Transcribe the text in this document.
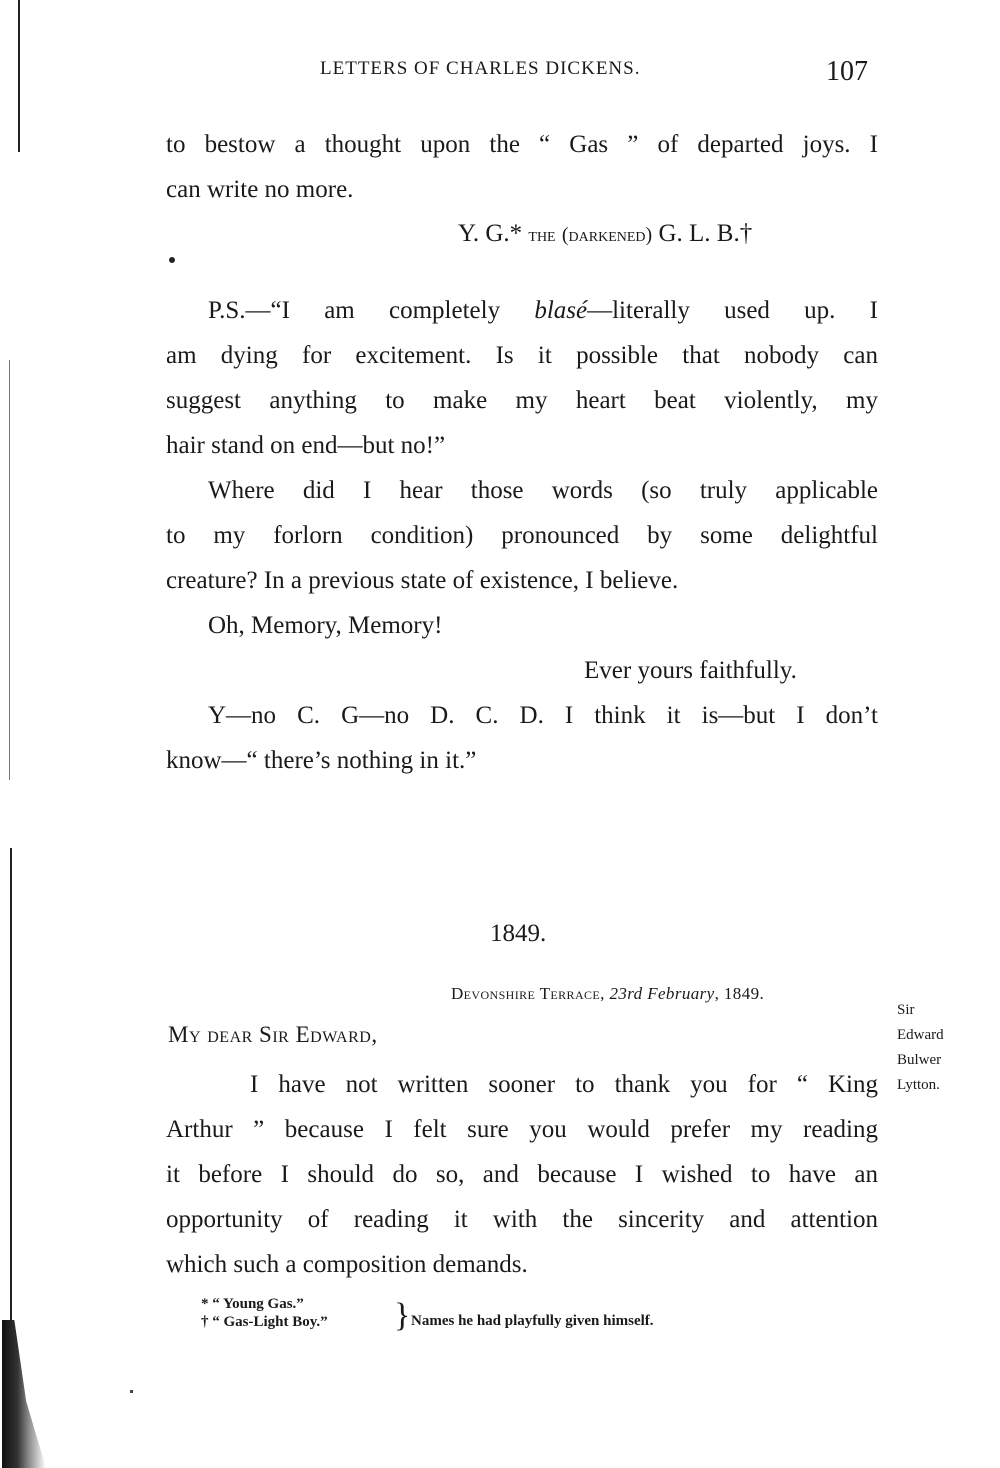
LETTERS OF CHARLES DICKENS.	107
to bestow a thought upon the “ Gas ” of departed joys. I
can write no more.
Y. G.* the (darkened) G. L. B.†
P.S.—“I am completely blasé—literally used up. I
am dying for excitement. Is it possible that nobody can
suggest anything to make my heart beat violently, my
hair stand on end—but no!”
Where did I hear those words (so truly applicable
to my forlorn condition) pronounced by some delightful
creature? In a previous state of existence, I believe.
Oh, Memory, Memory!
Ever yours faithfully.
Y—no C. G—no D. C. D. I think it is—but I don’t
know—“ there’s nothing in it.”
1849.
Devonshire Terrace, 23rd February, 1849.
My dear Sir Edward,
Sir
Edward
Bulwer
Lytton.
I have not written sooner to thank you for “ King
Arthur ” because I felt sure you would prefer my reading
it before I should do so, and because I wished to have an
opportunity of reading it with the sincerity and attention
which such a composition demands.
* “ Young Gas.”
† “ Gas-Light Boy.” } Names he had playfully given himself.
